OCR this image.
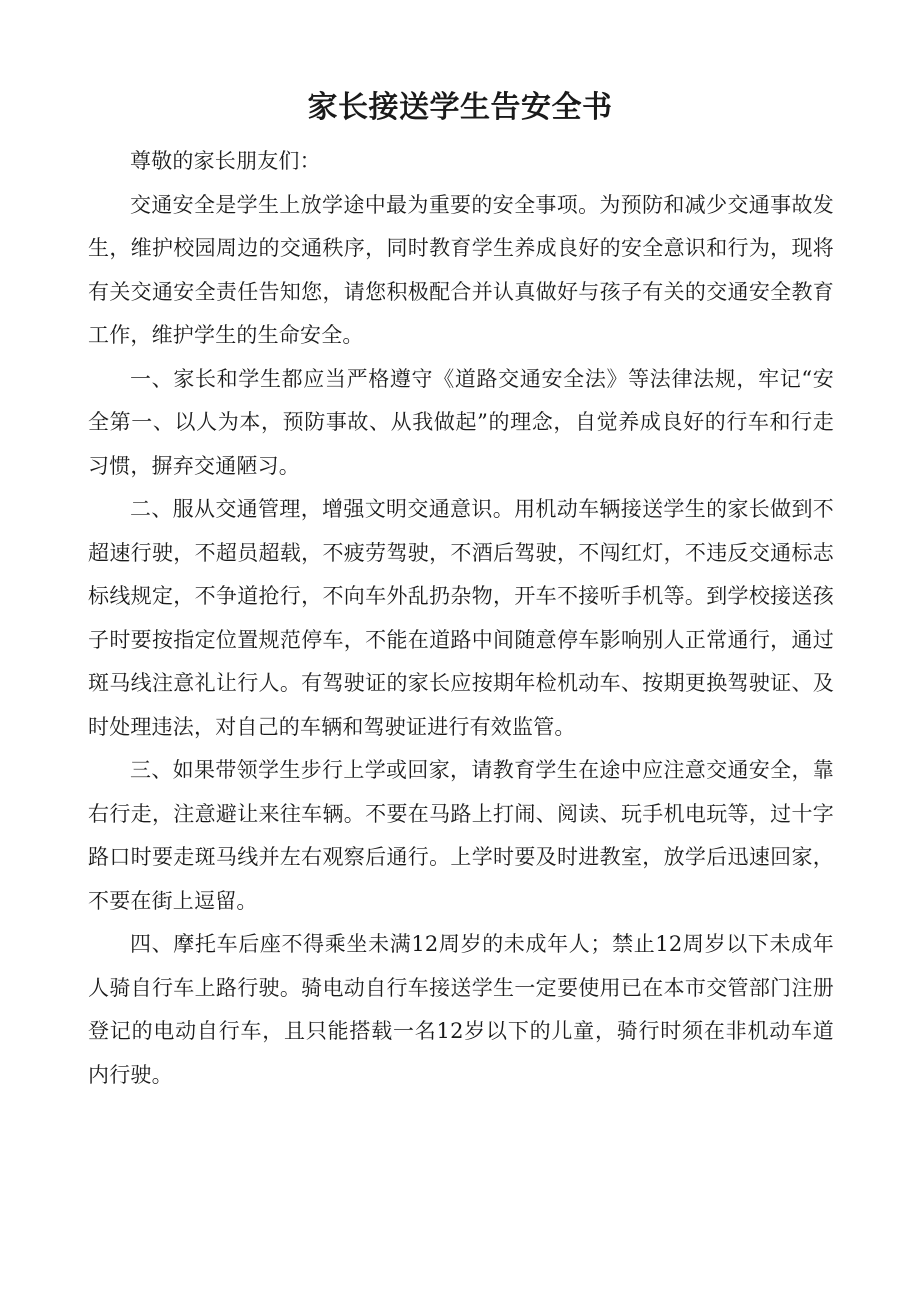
家长接送学生告安全书

尊敬的家长朋友们：

交通安全是学生上放学途中最为重要的安全事项。为预防和减少交通事故发生，维护校园周边的交通秩序，同时教育学生养成良好的安全意识和行为，现将有关交通安全责任告知您，请您积极配合并认真做好与孩子有关的交通安全教育工作，维护学生的生命安全。

一、家长和学生都应当严格遵守《道路交通安全法》等法律法规，牢记“安全第一、以人为本，预防事故、从我做起”的理念，自觉养成良好的行车和行走习惯，摒弃交通陋习。

二、服从交通管理，增强文明交通意识。用机动车辆接送学生的家长做到不超速行驶，不超员超载，不疲劳驾驶，不酒后驾驶，不闯红灯，不违反交通标志标线规定，不争道抢行，不向车外乱扔杂物，开车不接听手机等。到学校接送孩子时要按指定位置规范停车，不能在道路中间随意停车影响别人正常通行，通过斑马线注意礼让行人。有驾驶证的家长应按期年检机动车、按期更换驾驶证、及时处理违法，对自己的车辆和驾驶证进行有效监管。

三、如果带领学生步行上学或回家，请教育学生在途中应注意交通安全，靠右行走，注意避让来往车辆。不要在马路上打闹、阅读、玩手机电玩等，过十字路口时要走斑马线并左右观察后通行。上学时要及时进教室，放学后迅速回家，不要在街上逗留。

四、摩托车后座不得乘坐未满12周岁的未成年人；禁止12周岁以下未成年人骑自行车上路行驶。骑电动自行车接送学生一定要使用已在本市交管部门注册登记的电动自行车，且只能搭载一名12岁以下的儿童，骑行时须在非机动车道内行驶。
